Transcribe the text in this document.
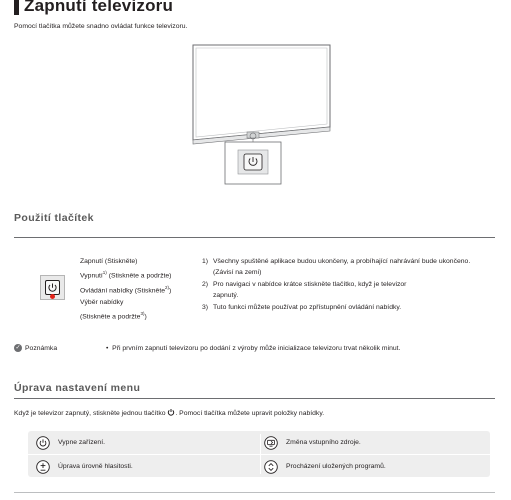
Zapnutí televizoru
Pomocí tlačítka můžete snadno ovládat funkce televizoru.
Použití tlačítek
Zapnutí (Stiskněte)
Vypnutí$^{1)}$ (Stiskněte a podržte)
Ovládání nabídky (Stiskněte$^{2)}$)
Výběr nabídky
(Stiskněte a podržte$^{3)}$)
1) Všechny spuštěné aplikace budou ukončeny, a probíhající nahrávání bude ukončeno. (Závisí na zemi)
2) Pro navigaci v nabídce krátce stiskněte tlačítko, když je televizor zapnutý.
3) Tuto funkci můžete používat po zpřístupnění ovládání nabídky.
✓ Poznámka	• Při prvním zapnutí televizoru po dodání z výroby může inicializace televizoru trvat několik minut.
Úprava nastavení menu
Když je televizor zapnutý, stiskněte jednou tlačítko . Pomocí tlačítka můžete upravit položky nabídky.
Vypne zařízení.	Změna vstupního zdroje.
Úprava úrovně hlasitosti.	Procházení uložených programů.
